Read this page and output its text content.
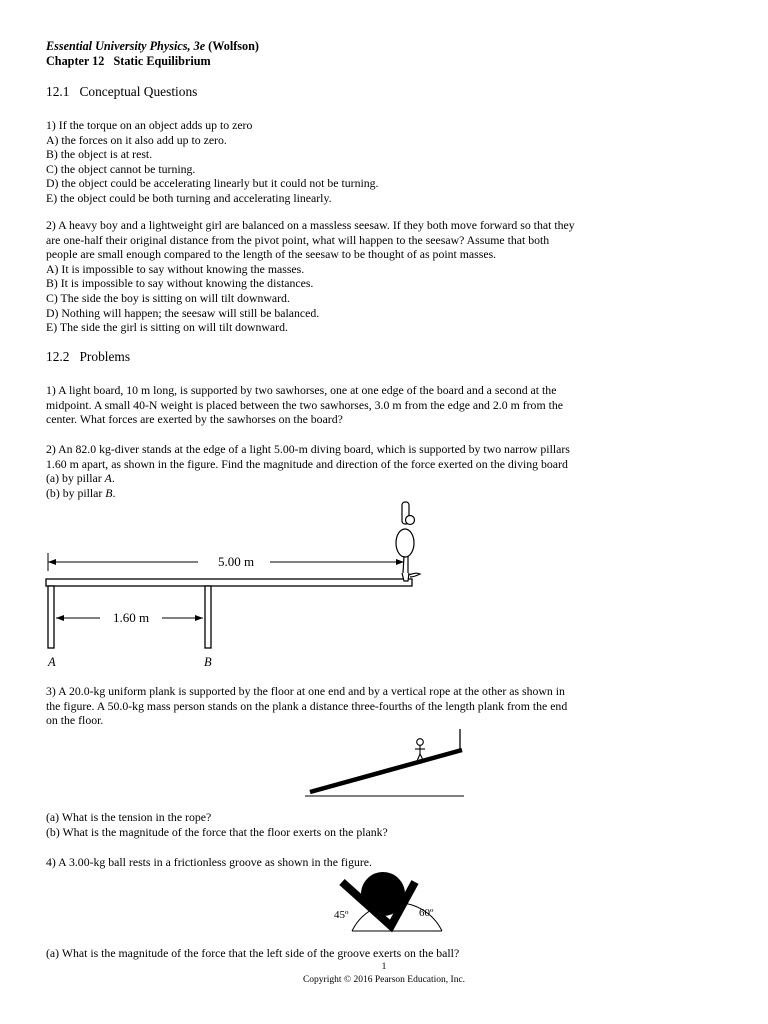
Essential University Physics, 3e (Wolfson)
Chapter 12   Static Equilibrium
12.1   Conceptual Questions
1) If the torque on an object adds up to zero
A) the forces on it also add up to zero.
B) the object is at rest.
C) the object cannot be turning.
D) the object could be accelerating linearly but it could not be turning.
E) the object could be both turning and accelerating linearly.
2) A heavy boy and a lightweight girl are balanced on a massless seesaw. If they both move forward so that they
are one-half their original distance from the pivot point, what will happen to the seesaw? Assume that both
people are small enough compared to the length of the seesaw to be thought of as point masses.
A) It is impossible to say without knowing the masses.
B) It is impossible to say without knowing the distances.
C) The side the boy is sitting on will tilt downward.
D) Nothing will happen; the seesaw will still be balanced.
E) The side the girl is sitting on will tilt downward.
12.2   Problems
1) A light board, 10 m long, is supported by two sawhorses, one at one edge of the board and a second at the
midpoint. A small 40-N weight is placed between the two sawhorses, 3.0 m from the edge and 2.0 m from the
center. What forces are exerted by the sawhorses on the board?
2) An 82.0 kg-diver stands at the edge of a light 5.00-m diving board, which is supported by two narrow pillars
1.60 m apart, as shown in the figure. Find the magnitude and direction of the force exerted on the diving board
(a) by pillar A.
(b) by pillar B.
5.00 m
1.60 m
A	B
3) A 20.0-kg uniform plank is supported by the floor at one end and by a vertical rope at the other as shown in
the figure. A 50.0-kg mass person stands on the plank a distance three-fourths of the length plank from the end
on the floor.
(a) What is the tension in the rope?
(b) What is the magnitude of the force that the floor exerts on the plank?
4) A 3.00-kg ball rests in a frictionless groove as shown in the figure.
45º	60º
(a) What is the magnitude of the force that the left side of the groove exerts on the ball?
1
Copyright © 2016 Pearson Education, Inc.
